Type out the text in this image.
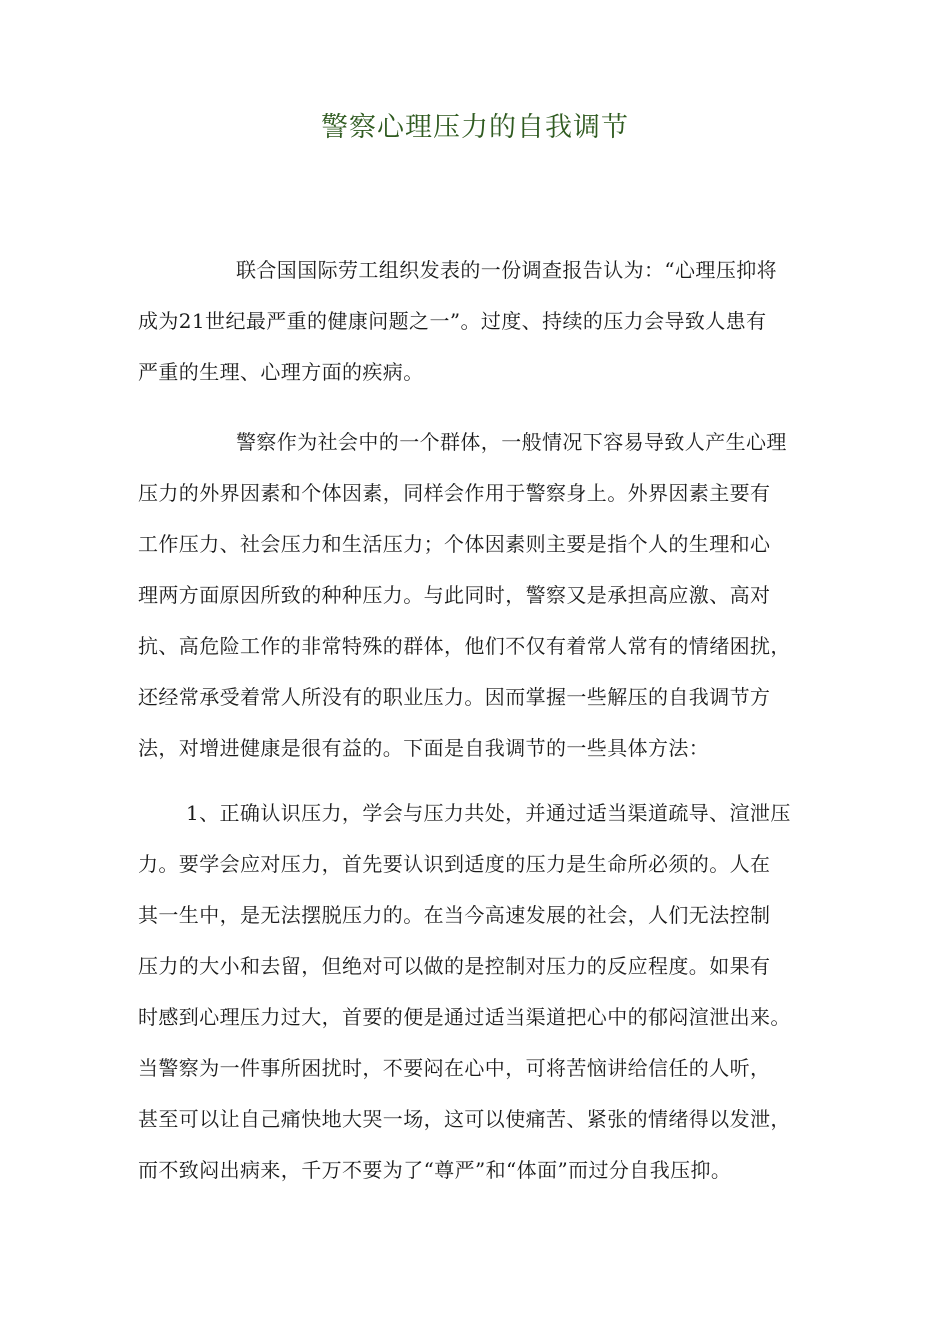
警察心理压力的自我调节
联合国国际劳工组织发表的一份调查报告认为：“心理压抑将
成为21世纪最严重的健康问题之一”。过度、持续的压力会导致人患有
严重的生理、心理方面的疾病。
警察作为社会中的一个群体，一般情况下容易导致人产生心理
压力的外界因素和个体因素，同样会作用于警察身上。外界因素主要有
工作压力、社会压力和生活压力；个体因素则主要是指个人的生理和心
理两方面原因所致的种种压力。与此同时，警察又是承担高应激、高对
抗、高危险工作的非常特殊的群体，他们不仅有着常人常有的情绪困扰，
还经常承受着常人所没有的职业压力。因而掌握一些解压的自我调节方
法，对增进健康是很有益的。下面是自我调节的一些具体方法：
1、正确认识压力，学会与压力共处，并通过适当渠道疏导、渲泄压
力。要学会应对压力，首先要认识到适度的压力是生命所必须的。人在
其一生中，是无法摆脱压力的。在当今高速发展的社会，人们无法控制
压力的大小和去留，但绝对可以做的是控制对压力的反应程度。如果有
时感到心理压力过大，首要的便是通过适当渠道把心中的郁闷渲泄出来。
当警察为一件事所困扰时，不要闷在心中，可将苦恼讲给信任的人听，
甚至可以让自己痛快地大哭一场，这可以使痛苦、紧张的情绪得以发泄，
而不致闷出病来，千万不要为了“尊严”和“体面”而过分自我压抑。
